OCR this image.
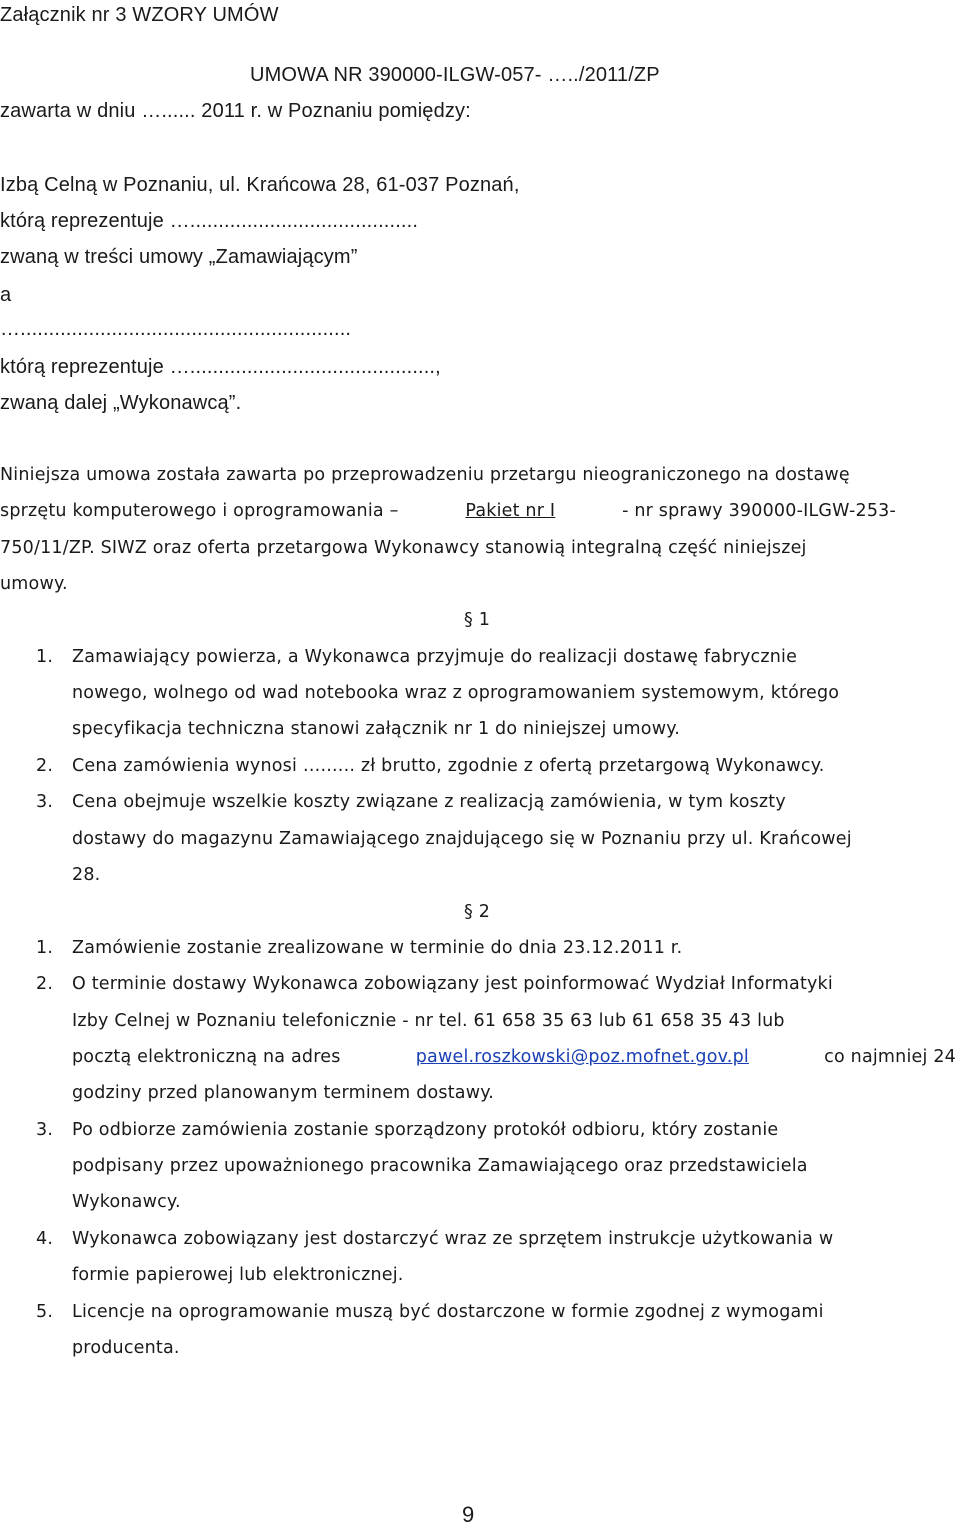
Załącznik nr 3 WZORY UMÓW
UMOWA NR 390000-ILGW-057- …../2011/ZP
zawarta w dniu …...... 2011 r. w Poznaniu pomiędzy:
Izbą Celną w Poznaniu, ul. Krańcowa 28, 61-037 Poznań,
którą reprezentuje …........................................
zwaną w treści umowy „Zamawiającym”
a
…..........................................................
którą reprezentuje …...........................................,
zwaną dalej „Wykonawcą”.
Niniejsza umowa została zawarta po przeprowadzeniu przetargu nieograniczonego na dostawę
sprzętu komputerowego i oprogramowania –	Pakiet nr I	- nr sprawy 390000-ILGW-253-
750/11/ZP. SIWZ oraz oferta przetargowa Wykonawcy stanowią integralną część niniejszej
umowy.
§ 1
1. Zamawiający powierza, a Wykonawca przyjmuje do realizacji dostawę fabrycznie
nowego, wolnego od wad notebooka wraz z oprogramowaniem systemowym, którego
specyfikacja techniczna stanowi załącznik nr 1 do niniejszej umowy.
2. Cena zamówienia wynosi …...... zł brutto, zgodnie z ofertą przetargową Wykonawcy.
3. Cena obejmuje wszelkie koszty związane z realizacją zamówienia, w tym koszty
dostawy do magazynu Zamawiającego znajdującego się w Poznaniu przy ul. Krańcowej
28.
§ 2
1. Zamówienie zostanie zrealizowane w terminie do dnia 23.12.2011 r.
2. O terminie dostawy Wykonawca zobowiązany jest poinformować Wydział Informatyki
Izby Celnej w Poznaniu telefonicznie - nr tel. 61 658 35 63 lub 61 658 35 43 lub
pocztą elektroniczną na adres	pawel.roszkowski@poz.mofnet.gov.pl	co najmniej 24
godziny przed planowanym terminem dostawy.
3. Po odbiorze zamówienia zostanie sporządzony protokół odbioru, który zostanie
podpisany przez upoważnionego pracownika Zamawiającego oraz przedstawiciela
Wykonawcy.
4. Wykonawca zobowiązany jest dostarczyć wraz ze sprzętem instrukcje użytkowania w
formie papierowej lub elektronicznej.
5. Licencje na oprogramowanie muszą być dostarczone w formie zgodnej z wymogami
producenta.
9
